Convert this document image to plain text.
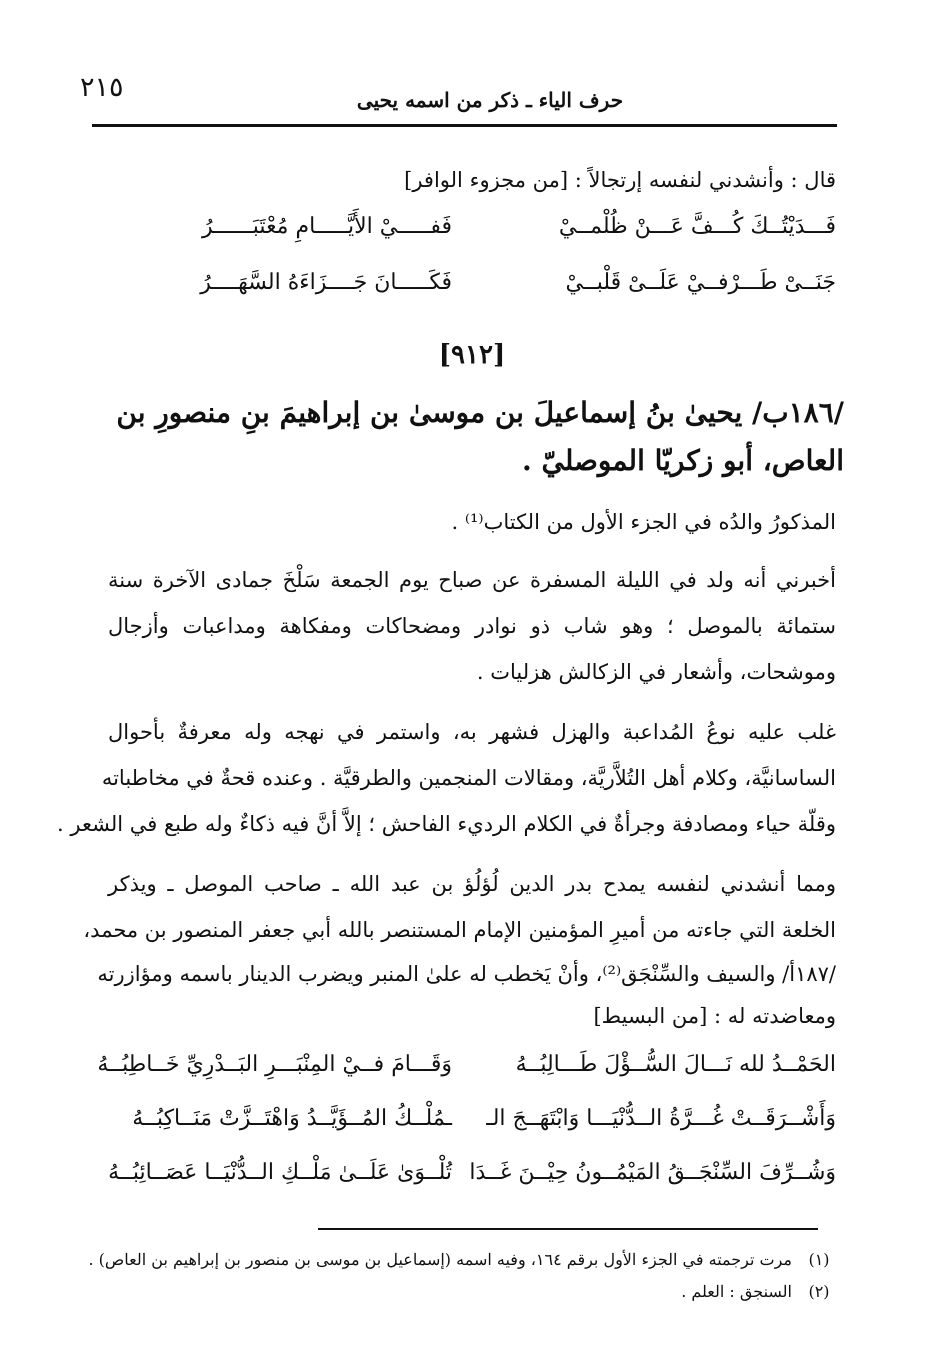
٢١٥	حرف الياء ـ ذكر من اسمه يحيى
قال : وأنشدني لنفسه إرتجالاً : [من مجزوء الوافر]
فَـــدَيْتُــكَ كُـــفَّ عَـــنْ ظُلْمــيْ
فَفـــــيْ الأَيَّـــــامِ مُعْتَبَــــــرُ
جَنَــىْ طَـــرْفــيْ عَلَــىْ قَلْبــيْ
فَكَـــــانَ جَــــزَاءَهُ السَّهَــــرُ
[٩١٢]
/١٨٦ب/ يحيىٰ بنُ إسماعيلَ بن موسىٰ بن إبراهيمَ بنِ منصورِ بن
العاص، أبو زكريّا الموصليّ .
المذكورُ والدُه في الجزء الأول من الكتاب⁽¹⁾ .
أخبرني أنه ولد في الليلة المسفرة عن صباح يوم الجمعة سَلْخَ جمادى الآخرة سنة
ستمائة بالموصل ؛ وهو شاب ذو نوادر ومضحاكات ومفكاهة ومداعبات وأزجال
وموشحات، وأشعار في الزكالش هزليات .
غلب عليه نوعُ المُداعبة والهزل فشهر به، واستمر في نهجه وله معرفةٌ بأحوال
الساسانيَّة، وكلام أهل التُلاَّريَّة، ومقالات المنجمين والطرقيَّة . وعنده قحةٌ في مخاطباته
وقلّة حياء ومصادفة وجرأةٌ في الكلام الرديء الفاحش ؛ إلاَّ أنَّ فيه ذكاءٌ وله طبع في الشعر .
ومما أنشدني لنفسه يمدح بدر الدين لُؤلُؤ بن عبد الله ـ صاحب الموصل ـ ويذكر
الخلعة التي جاءته من أميرِ المؤمنين الإمام المستنصر بالله أبي جعفر المنصور بن محمد،
/١٨٧أ/ والسيف والسِّنْجَق⁽²⁾، وأنْ يَخطب له علىٰ المنبر ويضرب الدينار باسمه ومؤازرته
ومعاضدته له : [من البسيط]
الحَمْــدُ لله نَـــالَ السُّــؤْلَ طَـــالِبُــهُ
وَقَـــامَ فــيْ المِنْبَـــرِ البَــدْرِيِّ خَــاطِبُــهُ
وَأَشْــرَقَــتْ غُـــرَّةُ الــدُّنْيَـــا وَابْتَهَــجَ الـ
ـمُلْــكُ المُــؤَيَّــدُ وَاهْتَــزَّتْ مَنَــاكِبُــهُ
وَشُــرِّفَ السِّنْجَــقُ المَيْمُــونُ حِيْــنَ غَــدَا
تُلْــوَىٰ عَلَــىٰ مَلْــكِ الــدُّنْيَــا عَصَــائِبُــهُ
(١)مرت ترجمته في الجزء الأول برقم ١٦٤، وفيه اسمه (إسماعيل بن موسى بن منصور بن إبراهيم بن العاص) .
(٢)السنجق : العلم .
